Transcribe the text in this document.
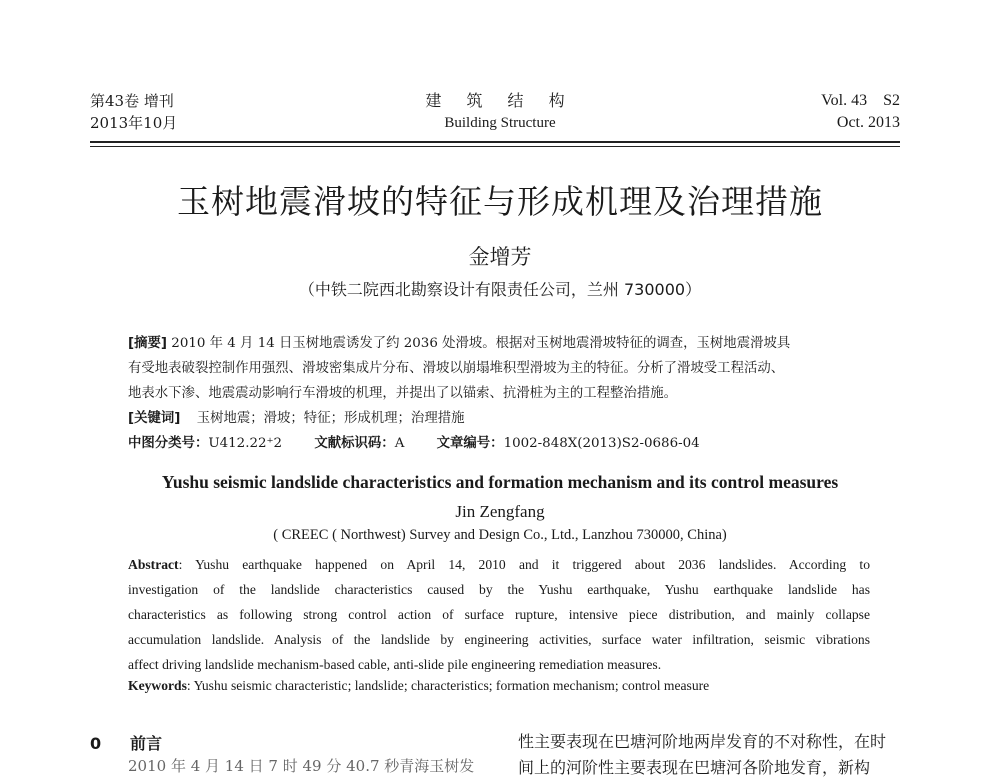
第43卷 增刊
2013年10月
建 筑 结 构
Building Structure
Vol. 43    S2
Oct. 2013
玉树地震滑坡的特征与形成机理及治理措施
金增芳
（中铁二院西北勘察设计有限责任公司，兰州 730000）
[摘要] 2010 年 4 月 14 日玉树地震诱发了约 2036 处滑坡。根据对玉树地震滑坡特征的调查，玉树地震滑坡具
有受地表破裂控制作用强烈、滑坡密集成片分布、滑坡以崩塌堆积型滑坡为主的特征。分析了滑坡受工程活动、
地表水下渗、地震震动影响行车滑坡的机理，并提出了以锚索、抗滑桩为主的工程整治措施。
[关键词] 玉树地震；滑坡；特征；形成机理；治理措施
中图分类号：U412.22⁺2 文献标识码：A 文章编号：1002-848X(2013)S2-0686-04
Yushu seismic landslide characteristics and formation mechanism and its control measures
Jin Zengfang
( CREEC ( Northwest) Survey and Design Co., Ltd., Lanzhou 730000, China)
Abstract: Yushu earthquake happened on April 14, 2010 and it triggered about 2036 landslides. According to
investigation of the landslide characteristics caused by the Yushu earthquake, Yushu earthquake landslide has
characteristics as following strong control action of surface rupture, intensive piece distribution, and mainly collapse
accumulation landslide. Analysis of the landslide by engineering activities, surface water infiltration, seismic vibrations
affect driving landslide mechanism-based cable, anti-slide pile engineering remediation measures.
Keywords: Yushu seismic characteristic; landslide; characteristics; formation mechanism; control measure
0 前言
2010 年 4 月 14 日 7 时 49 分 40.7 秒青海玉树发
性主要表现在巴塘河阶地两岸发育的不对称性，在时
间上的河阶性主要表现在巴塘河各阶地发育，新构
